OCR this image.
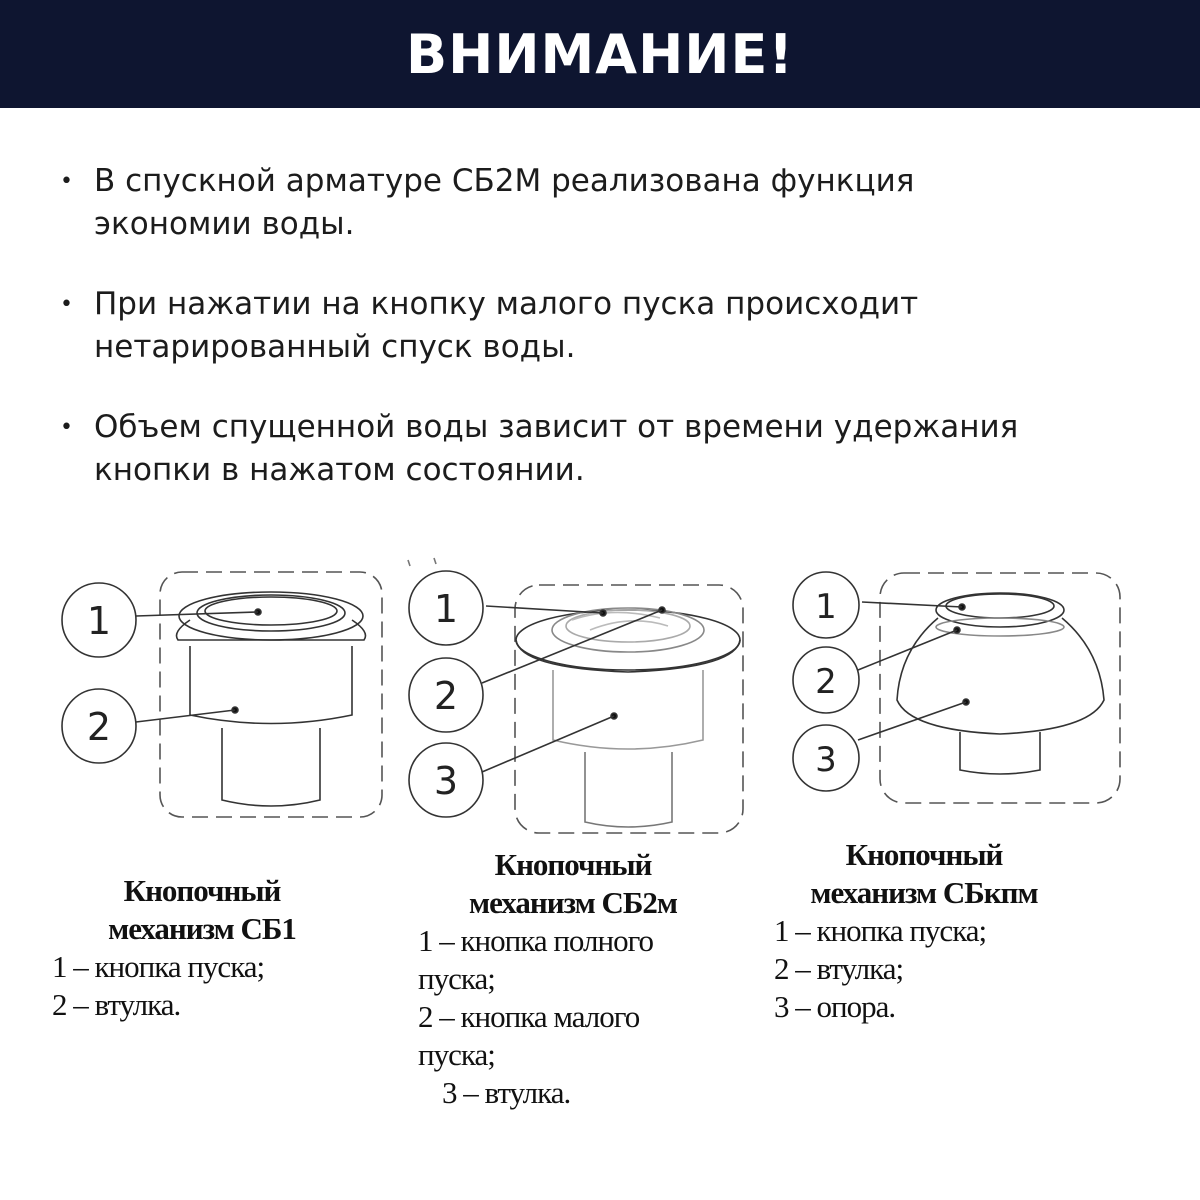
ВНИМАНИЕ!
• В спускной арматуре СБ2М реализована функция
экономии воды.
• При нажатии на кнопку малого пуска происходит
нетарированный спуск воды.
• Объем спущенной воды зависит от времени удержания
кнопки в нажатом состоянии.
1
2
1
2
3
1
2
3
Кнопочный
механизм СБ1
1 – кнопка пуска;
2 – втулка.
Кнопочный
механизм СБ2м
1 – кнопка полного
пуска;
2 – кнопка малого
пуска;
3 – втулка.
Кнопочный
механизм СБкпм
1 – кнопка пуска;
2 – втулка;
3 – опора.
